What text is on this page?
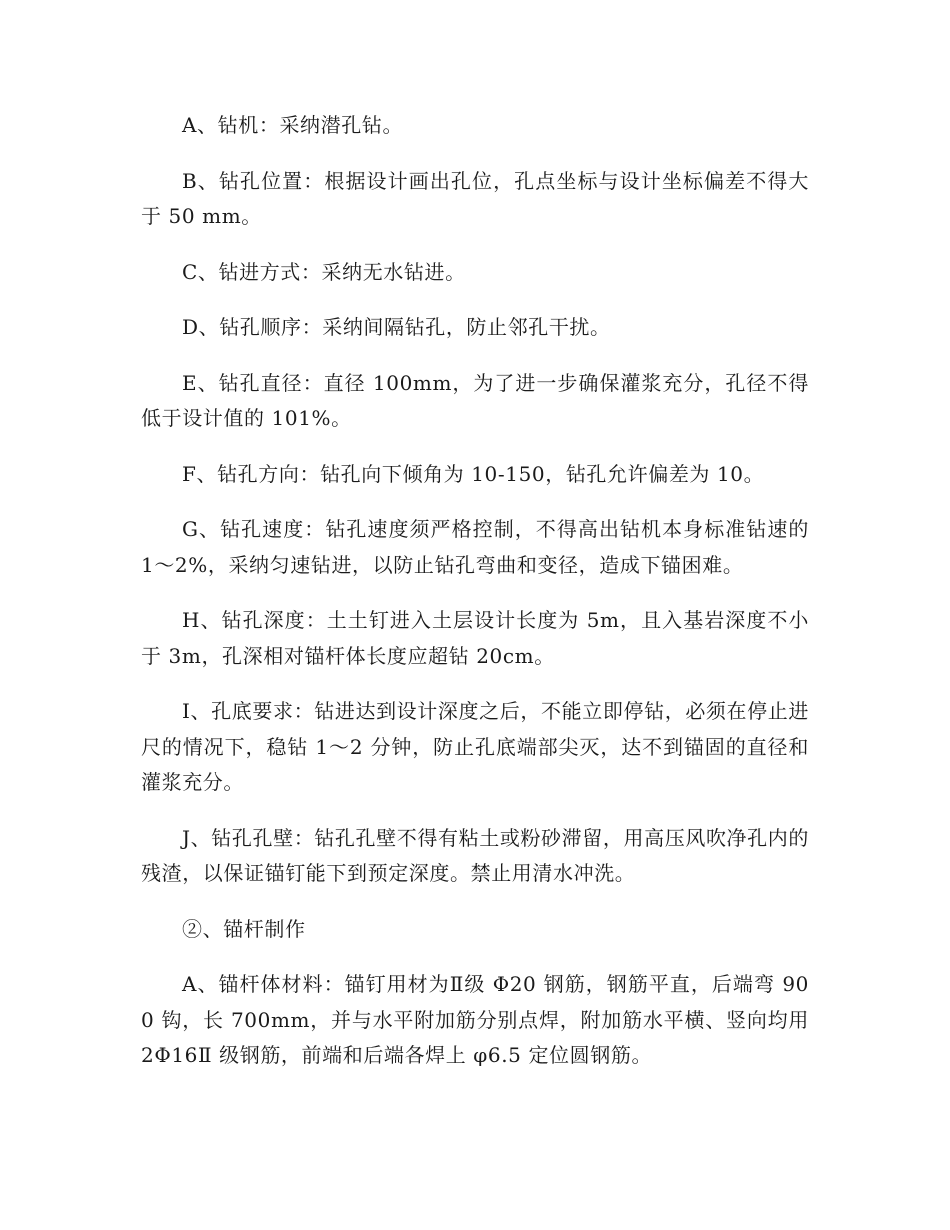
A、钻机：采纳潜孔钻。

B、钻孔位置：根据设计画出孔位，孔点坐标与设计坐标偏差不得大于 50 mm。

C、钻进方式：采纳无水钻进。

D、钻孔顺序：采纳间隔钻孔，防止邻孔干扰。

E、钻孔直径：直径 100mm，为了进一步确保灌浆充分，孔径不得低于设计值的 101%。

F、钻孔方向：钻孔向下倾角为 10-150，钻孔允许偏差为 10。

G、钻孔速度：钻孔速度须严格控制，不得高出钻机本身标准钻速的 1～2%，采纳匀速钻进，以防止钻孔弯曲和变径，造成下锚困难。

H、钻孔深度：土土钉进入土层设计长度为 5m，且入基岩深度不小于 3m，孔深相对锚杆体长度应超钻 20cm。

I、孔底要求：钻进达到设计深度之后，不能立即停钻，必须在停止进尺的情况下，稳钻 1～2 分钟，防止孔底端部尖灭，达不到锚固的直径和灌浆充分。

J、钻孔孔壁：钻孔孔壁不得有粘土或粉砂滞留，用高压风吹净孔内的残渣，以保证锚钉能下到预定深度。禁止用清水冲洗。

②、锚杆制作

A、锚杆体材料：锚钉用材为Ⅱ级 Φ20 钢筋，钢筋平直，后端弯 900 钩，长 700mm，并与水平附加筋分别点焊，附加筋水平横、竖向均用 2Φ16Ⅱ 级钢筋，前端和后端各焊上 φ6.5 定位圆钢筋。
